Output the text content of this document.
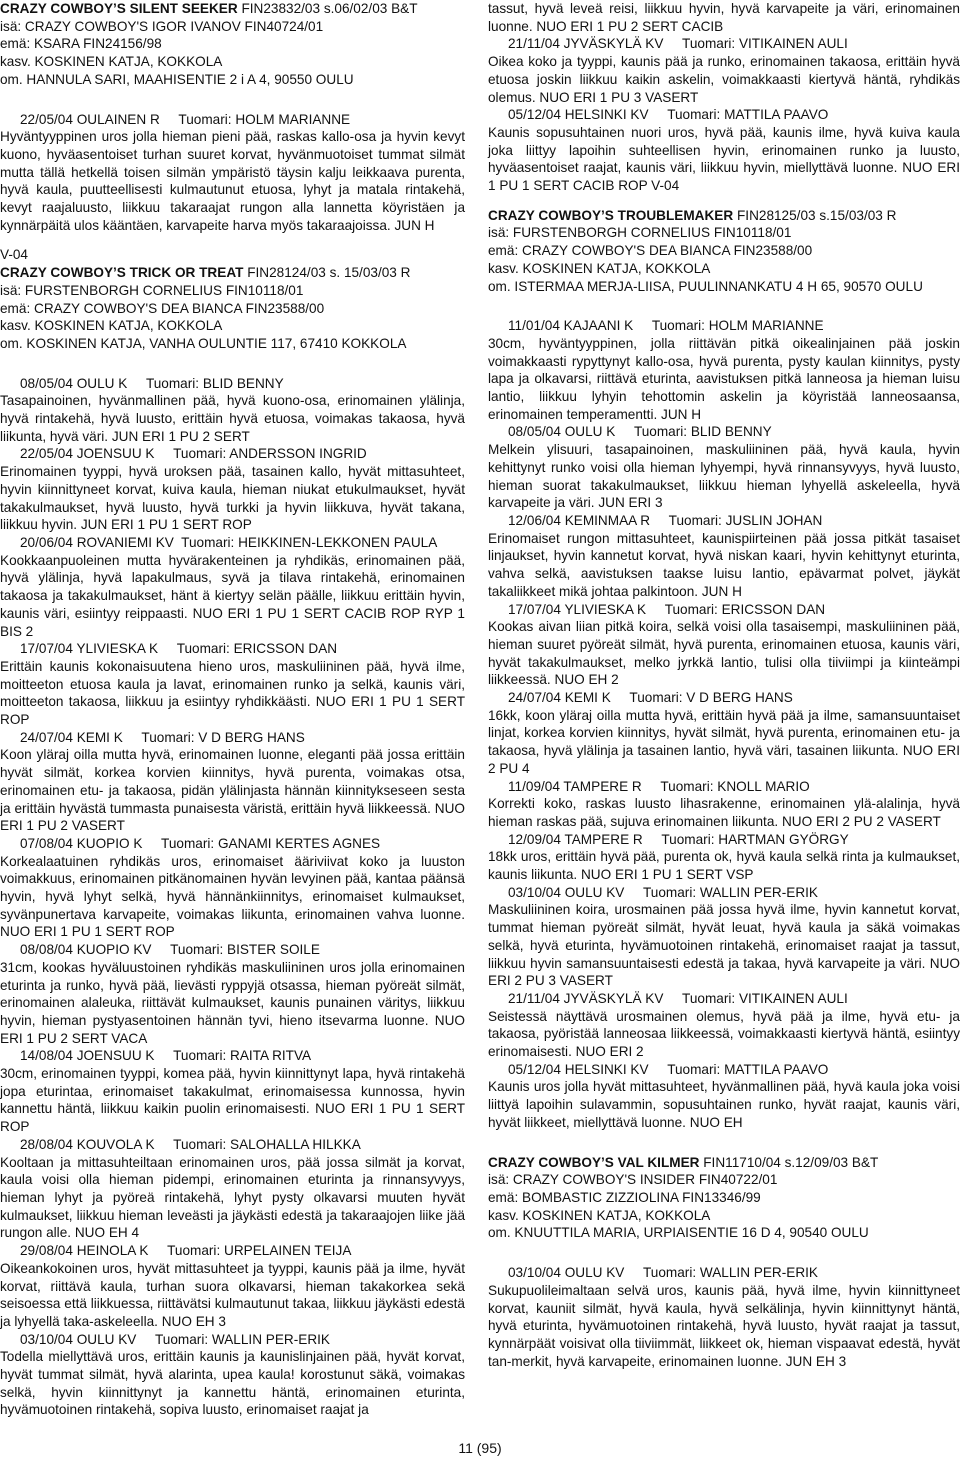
CRAZY COWBOY’S SILENT SEEKER FIN23832/03 s.06/02/03 B&T

isä: CRAZY COWBOY'S IGOR IVANOV FIN40724/01

emä: KSARA FIN24156/98

kasv. KOSKINEN KATJA, KOKKOLA

om. HANNULA SARI, MAAHISENTIE 2 i A 4, 90550 OULU

22/05/04 OULAINEN R     Tuomari: HOLM MARIANNE

Hyväntyyppinen uros jolla hieman pieni pää, raskas kallo-osa ja hyvin kevyt kuono, hyväasentoiset turhan suuret korvat, hyvänmuotoiset tummat silmät mutta tällä hetkellä toisen silmän ympäristö täysin kalju leikkaava purenta, hyvä kaula, puutteellisesti kulmautunut etuosa, lyhyt ja matala rintakehä, kevyt raajaluusto, liikkuu takaraajat rungon alla lannetta köyristäen ja kynnärpäitä ulos kääntäen, karvapeite harva myös takaraajoissa. JUN H

V-04

CRAZY COWBOY’S TRICK OR TREAT FIN28124/03 s. 15/03/03 R

isä: FURSTENBORGH CORNELIUS FIN10118/01

emä: CRAZY COWBOY'S DEA BIANCA FIN23588/00

kasv. KOSKINEN KATJA, KOKKOLA

om. KOSKINEN KATJA, VANHA OULUNTIE 117, 67410 KOKKOLA

08/05/04 OULU K     Tuomari: BLID BENNY

Tasapainoinen, hyvänmallinen pää, hyvä kuono-osa, erinomainen ylälinja, hyvä rintakehä, hyvä luusto, erittäin hyvä etuosa, voimakas takaosa, hyvä liikunta, hyvä väri. JUN ERI 1 PU 2 SERT

22/05/04 JOENSUU K     Tuomari: ANDERSSON INGRID

Erinomainen tyyppi, hyvä uroksen pää, tasainen kallo, hyvät mittasuhteet, hyvin kiinnittyneet korvat, kuiva kaula, hieman niukat etukulmaukset, hyvät takakulmaukset, hyvä luusto, hyvä turkki ja hyvin liikkuva, hyvät takana, liikkuu hyvin. JUN ERI 1 PU 1 SERT ROP

20/06/04 ROVANIEMI KV  Tuomari: HEIKKINEN-LEKKONEN PAULA

Kookkaanpuoleinen mutta hyvärakenteinen ja ryhdikäs, erinomainen pää, hyvä ylälinja, hyvä lapakulmaus, syvä ja tilava rintakehä, erinomainen takaosa ja takakulmaukset, hänt ä kiertyy selän päälle, liikkuu erittäin hyvin, kaunis väri, esiintyy reippaasti. NUO ERI 1 PU 1 SERT CACIB ROP RYP 1 BIS 2

17/07/04 YLIVIESKA K     Tuomari: ERICSSON DAN

Erittäin kaunis kokonaisuutena hieno uros, maskuliininen pää, hyvä ilme, moitteeton etuosa kaula ja lavat, erinomainen runko ja selkä, kaunis väri, moitteeton takaosa, liikkuu ja esiintyy ryhdikkäästi. NUO ERI 1 PU 1 SERT ROP

24/07/04 KEMI K     Tuomari: V D BERG HANS

Koon yläraj oilla mutta hyvä, erinomainen luonne, eleganti pää jossa erittäin hyvät silmät, korkea korvien kiinnitys, hyvä purenta, voimakas otsa, erinomainen etu- ja takaosa, pidän ylälinjasta hännän kiinnitykseseen sesta ja erittäin hyvästä tummasta punaisesta väristä, erittäin hyvä liikkeessä. NUO ERI 1 PU 2 VASERT

07/08/04 KUOPIO K     Tuomari: GANAMI KERTES AGNES

Korkealaatuinen ryhdikäs uros, erinomaiset ääriviivat koko ja luuston voimakkuus, erinomainen pitkänomainen hyvän levyinen pää, kantaa päänsä hyvin, hyvä lyhyt selkä, hyvä hännänkiinnitys, erinomaiset kulmaukset, syvänpunertava karvapeite, voimakas liikunta, erinomainen vahva luonne. NUO ERI 1 PU 1 SERT ROP

08/08/04 KUOPIO KV     Tuomari: BISTER SOILE

31cm, kookas hyväluustoinen ryhdikäs maskuliininen uros jolla erinomainen eturinta ja runko, hyvä pää, lievästi ryppyjä otsassa, hieman pyöreät silmät, erinomainen alaleuka, riittävät kulmaukset, kaunis punainen väritys, liikkuu hyvin, hieman pystyasentoinen hännän tyvi, hieno itsevarma luonne. NUO ERI 1 PU 2 SERT VACA

14/08/04 JOENSUU K     Tuomari: RAITA RITVA

30cm, erinomainen tyyppi, komea pää, hyvin kiinnittynyt lapa, hyvä rintakehä jopa eturintaa, erinomaiset takakulmat, erinomaisessa kunnossa, hyvin kannettu häntä, liikkuu kaikin puolin erinomaisesti. NUO ERI 1 PU 1 SERT ROP

28/08/04 KOUVOLA K     Tuomari: SALOHALLA HILKKA

Kooltaan ja mittasuhteiltaan erinomainen uros, pää jossa silmät ja korvat, kaula voisi olla hieman pidempi, erinomainen eturinta ja rinnansyvyys, hieman lyhyt ja pyöreä rintakehä, lyhyt pysty olkavarsi muuten hyvät kulmaukset, liikkuu hieman leveästi ja jäykästi edestä ja takaraajojen liike jää rungon alle. NUO EH 4

29/08/04 HEINOLA K     Tuomari: URPELAINEN TEIJA

Oikeankokoinen uros, hyvät mittasuhteet ja tyyppi, kaunis pää ja ilme, hyvät korvat, riittävä kaula, turhan suora olkavarsi, hieman takakorkea sekä seisoessa että liikkuessa, riittävätsi kulmautunut takaa, liikkuu jäykästi edestä ja lyhyellä taka-askeleella. NUO EH 3

03/10/04 OULU KV     Tuomari: WALLIN PER-ERIK

Todella miellyttävä uros, erittäin kaunis ja kaunislinjainen pää, hyvät korvat, hyvät tummat silmät, hyvä alarinta, upea kaula! korostunut säkä, voimakas selkä, hyvin kiinnittynyt ja kannettu häntä, erinomainen eturinta, hyvämuotoinen rintakehä, sopiva luusto, erinomaiset raajat ja

tassut, hyvä leveä reisi, liikkuu hyvin, hyvä karvapeite ja väri, erinomainen luonne. NUO ERI 1 PU 2 SERT CACIB

21/11/04 JYVÄSKYLÄ KV     Tuomari: VITIKAINEN AULI

Oikea koko ja tyyppi, kaunis pää ja runko, erinomainen takaosa, erittäin hyvä etuosa joskin liikkuu kaikin askelin, voimakkaasti kiertyvä häntä, ryhdikäs olemus. NUO ERI 1 PU 3 VASERT

05/12/04 HELSINKI KV     Tuomari: MATTILA PAAVO

Kaunis sopusuhtainen nuori uros, hyvä pää, kaunis ilme, hyvä kuiva kaula joka liittyy lapoihin suhteellisen hyvin, erinomainen runko ja luusto, hyväasentoiset raajat, kaunis väri, liikkuu hyvin, miellyttävä luonne. NUO ERI 1 PU 1 SERT CACIB ROP V-04

CRAZY COWBOY’S TROUBLEMAKER FIN28125/03 s.15/03/03 R

isä: FURSTENBORGH CORNELIUS FIN10118/01

emä: CRAZY COWBOY'S DEA BIANCA FIN23588/00

kasv. KOSKINEN KATJA, KOKKOLA

om. ISTERMAA MERJA-LIISA, PUULINNANKATU 4 H 65, 90570 OULU

11/01/04 KAJAANI K     Tuomari: HOLM MARIANNE

30cm, hyväntyyppinen, jolla riittävän pitkä oikealinjainen pää joskin voimakkaasti rypyttynyt kallo-osa, hyvä purenta, pysty kaulan kiinnitys, pysty lapa ja olkavarsi, riittävä eturinta, aavistuksen pitkä lanneosa ja hieman luisu lantio, liikkuu lyhyin tehottomin askelin ja köyristää lanneosaansa, erinomainen temperamentti. JUN H

08/05/04 OULU K     Tuomari: BLID BENNY

Melkein ylisuuri, tasapainoinen, maskuliininen pää, hyvä kaula, hyvin kehittynyt runko voisi olla hieman lyhyempi, hyvä rinnansyvyys, hyvä luusto, hieman suorat takakulmaukset, liikkuu hieman lyhyellä askeleella, hyvä karvapeite ja väri. JUN ERI 3

12/06/04 KEMINMAA R     Tuomari: JUSLIN JOHAN

Erinomaiset rungon mittasuhteet, kaunispiirteinen pää jossa pitkät tasaiset linjaukset, hyvin kannetut korvat, hyvä niskan kaari, hyvin kehittynyt eturinta, vahva selkä, aavistuksen taakse luisu lantio, epävarmat polvet, jäykät takaliikkeet mikä johtaa palkintoon. JUN H

17/07/04 YLIVIESKA K     Tuomari: ERICSSON DAN

Kookas aivan liian pitkä koira, selkä voisi olla tasaisempi, maskuliininen pää, hieman suuret pyöreät silmät, hyvä purenta, erinomainen etuosa, kaunis väri, hyvät takakulmaukset, melko jyrkkä lantio, tulisi olla tiiviimpi ja kiinteämpi liikkeessä. NUO EH 2

24/07/04 KEMI K     Tuomari: V D BERG HANS

16kk, koon yläraj oilla mutta hyvä, erittäin hyvä pää ja ilme, samansuuntaiset linjat, korkea korvien kiinnitys, hyvät silmät, hyvä purenta, erinomainen etu- ja takaosa, hyvä ylälinja ja tasainen lantio, hyvä väri, tasainen liikunta. NUO ERI 2 PU 4

11/09/04 TAMPERE R     Tuomari: KNOLL MARIO

Korrekti koko, raskas luusto lihasrakenne, erinomainen ylä-alalinja, hyvä hieman raskas pää, sujuva erinomainen liikunta. NUO ERI 2 PU 2 VASERT

12/09/04 TAMPERE R     Tuomari: HARTMAN GYÖRGY

18kk uros, erittäin hyvä pää, purenta ok, hyvä kaula selkä rinta ja kulmaukset, kaunis liikunta. NUO ERI 1 PU 1 SERT VSP

03/10/04 OULU KV     Tuomari: WALLIN PER-ERIK

Maskuliininen koira, urosmainen pää jossa hyvä ilme, hyvin kannetut korvat, tummat hieman pyöreät silmät, hyvät leuat, hyvä kaula ja säkä voimakas selkä, hyvä eturinta, hyvämuotoinen rintakehä, erinomaiset raajat ja tassut, liikkuu hyvin samansuuntaisesti edestä ja takaa, hyvä karvapeite ja väri. NUO ERI 2 PU 3 VASERT

21/11/04 JYVÄSKYLÄ KV     Tuomari: VITIKAINEN AULI

Seistessä näyttävä urosmainen olemus, hyvä pää ja ilme, hyvä etu- ja takaosa, pyöristää lanneosaa liikkeessä, voimakkaasti kiertyvä häntä, esiintyy erinomaisesti. NUO ERI 2

05/12/04 HELSINKI KV     Tuomari: MATTILA PAAVO

Kaunis uros jolla hyvät mittasuhteet, hyvänmallinen pää, hyvä kaula joka voisi liittyä lapoihin sulavammin, sopusuhtainen runko, hyvät raajat, kaunis väri, hyvät liikkeet, miellyttävä luonne. NUO EH

CRAZY COWBOY’S VAL KILMER FIN11710/04 s.12/09/03 B&T

isä: CRAZY COWBOY'S INSIDER FIN40722/01

emä: BOMBASTIC ZIZZIOLINA FIN13346/99

kasv. KOSKINEN KATJA, KOKKOLA

om. KNUUTTILA MARIA, URPIAISENTIE 16 D 4, 90540 OULU

03/10/04 OULU KV     Tuomari: WALLIN PER-ERIK

Sukupuolileimaltaan selvä uros, kaunis pää, hyvä ilme, hyvin kiinnittyneet korvat, kauniit silmät, hyvä kaula, hyvä selkälinja, hyvin kiinnittynyt häntä, hyvä eturinta, hyvämuotoinen rintakehä, hyvä luusto, hyvät raajat ja tassut, kynnärpäät voisivat olla tiiviimmät, liikkeet ok, hieman vispaavat edestä, hyvät tan-merkit, hyvä karvapeite, erinomainen luonne. JUN EH 3

11 (95)
